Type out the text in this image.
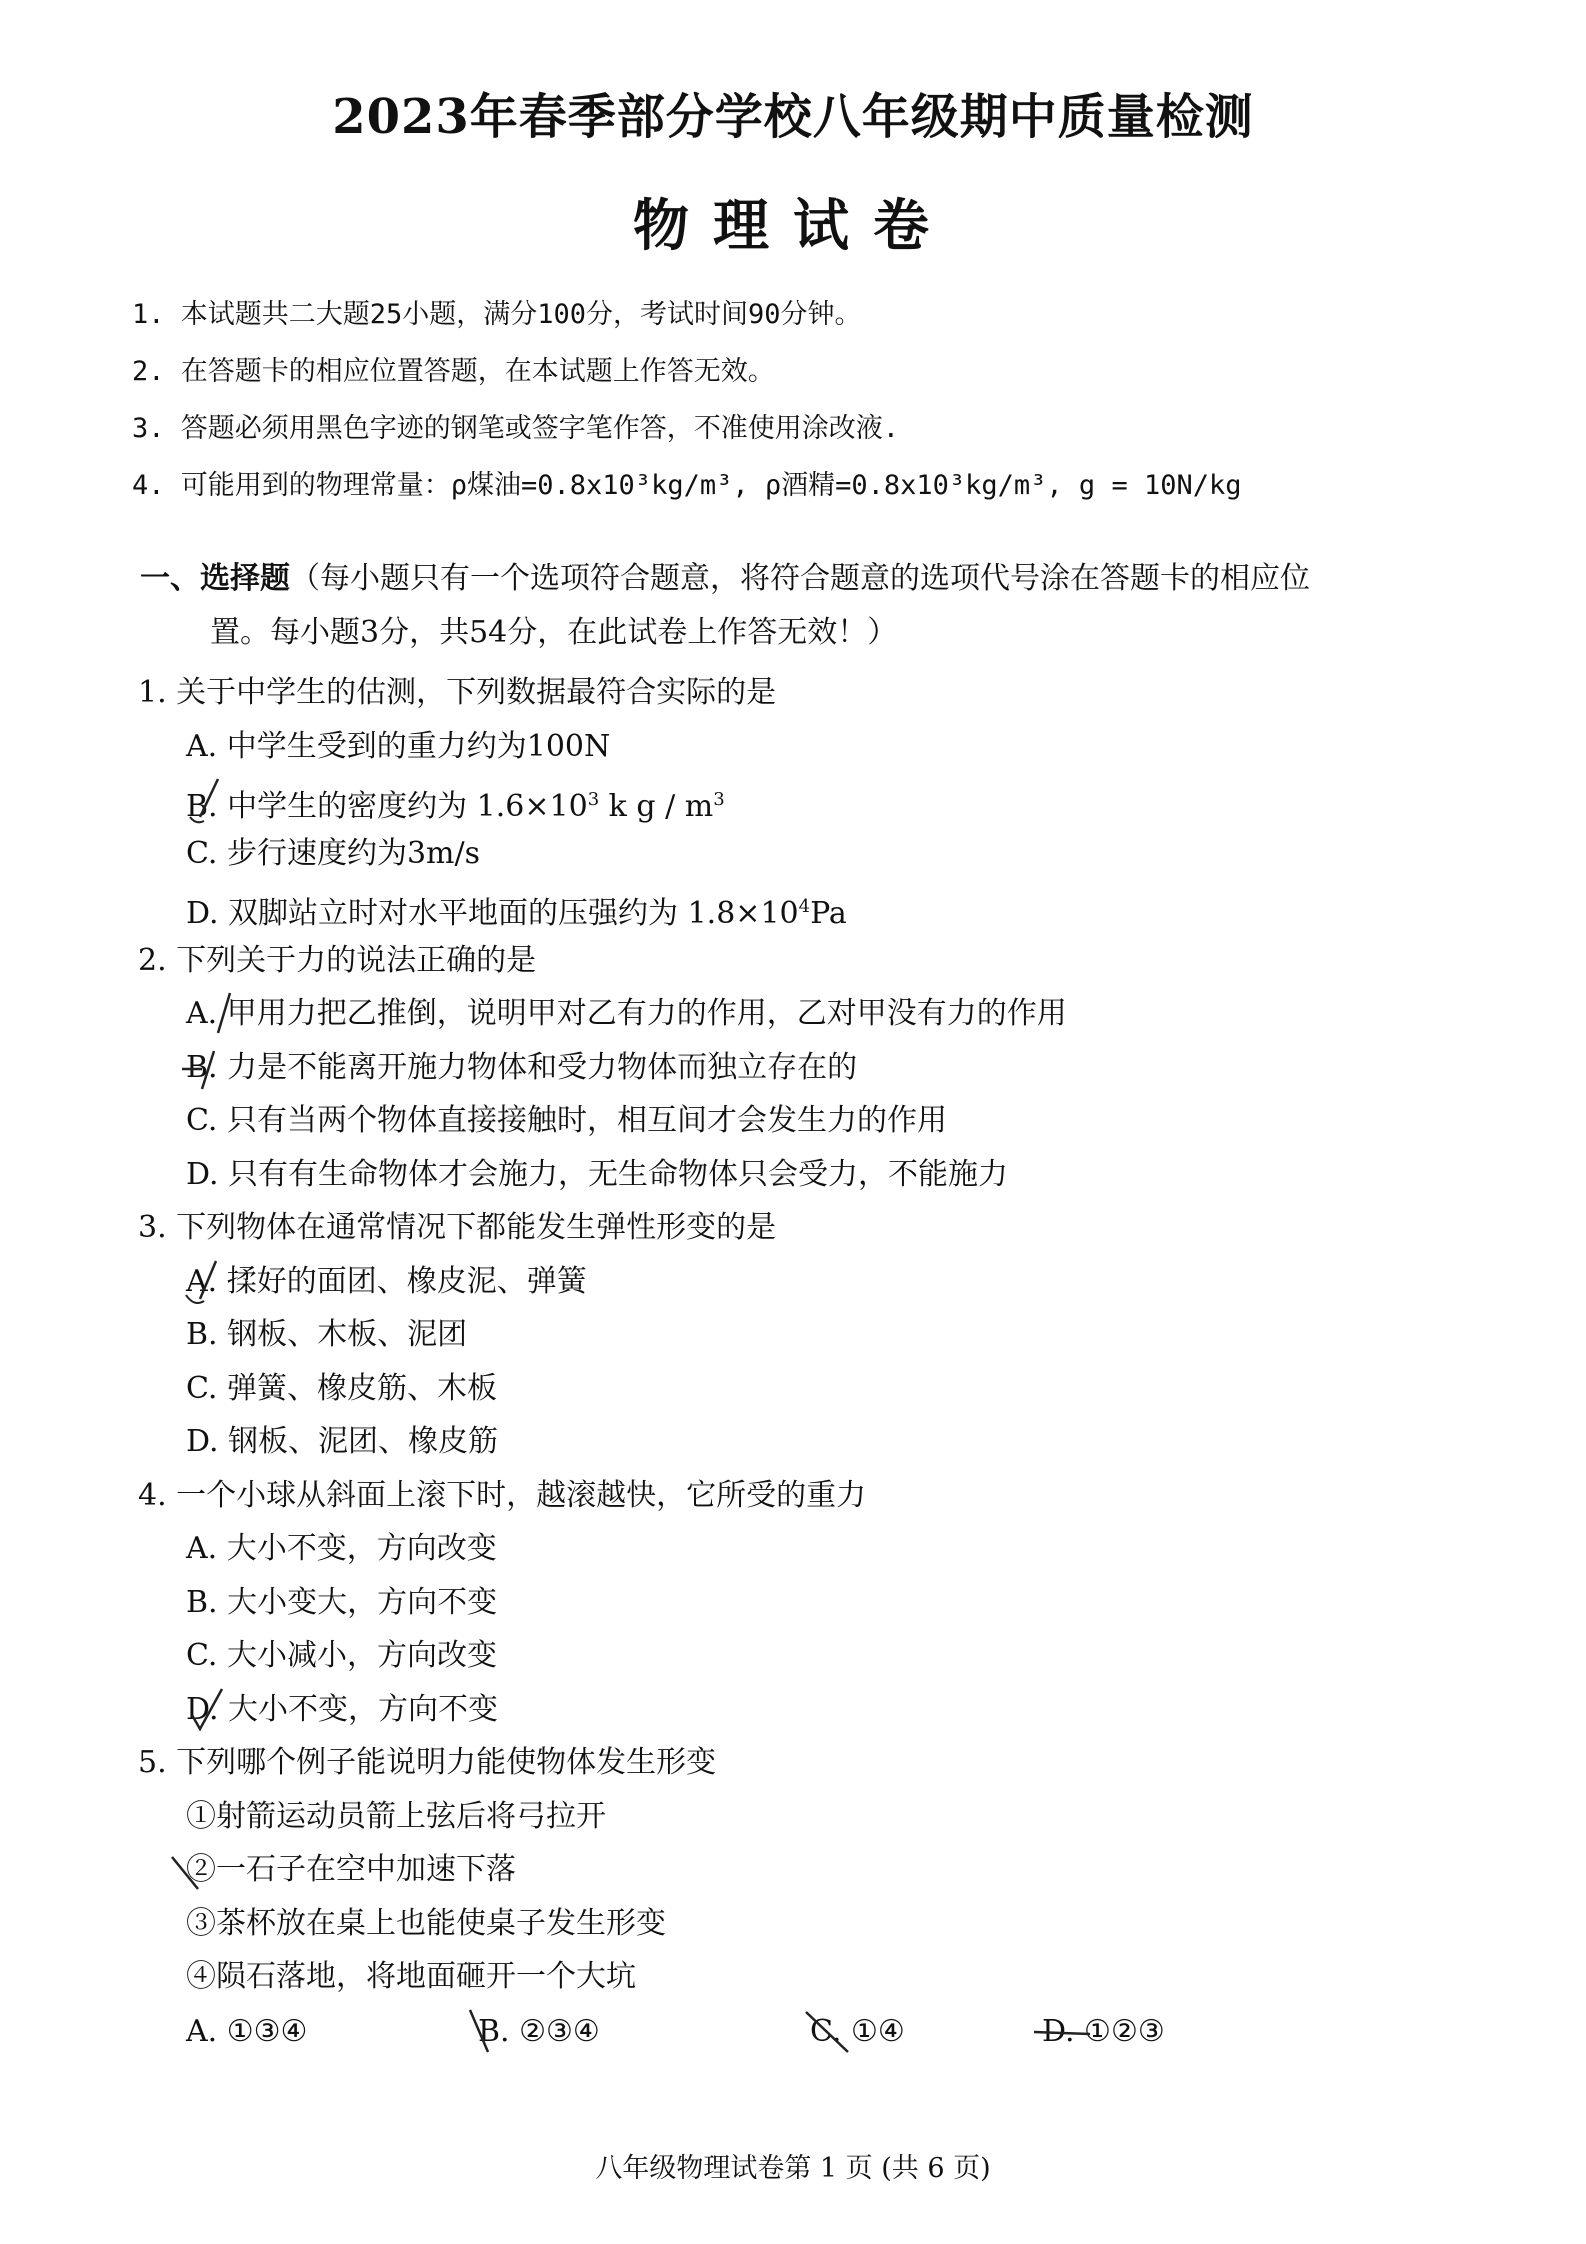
2023年春季部分学校八年级期中质量检测
物理试卷
1. 本试题共二大题25小题，满分100分，考试时间90分钟。
2. 在答题卡的相应位置答题，在本试题上作答无效。
3. 答题必须用黑色字迹的钢笔或签字笔作答，不准使用涂改液.
4. 可能用到的物理常量：ρ煤油=0.8x10³kg/m³, ρ酒精=0.8x10³kg/m³, g = 10N/kg
一、选择题（每小题只有一个选项符合题意，将符合题意的选项代号涂在答题卡的相应位
置。每小题3分，共54分，在此试卷上作答无效！）
1. 关于中学生的估测，下列数据最符合实际的是
A. 中学生受到的重力约为100N
B. 中学生的密度约为 $1.6\times 10^3$ k g / $m^3$
C. 步行速度约为3m/s
D. 双脚站立时对水平地面的压强约为 $1.8\times 10^4Pa$
2. 下列关于力的说法正确的是
A. 甲用力把乙推倒，说明甲对乙有力的作用，乙对甲没有力的作用
B. 力是不能离开施力物体和受力物体而独立存在的
C. 只有当两个物体直接接触时，相互间才会发生力的作用
D. 只有有生命物体才会施力，无生命物体只会受力，不能施力
3. 下列物体在通常情况下都能发生弹性形变的是
A. 揉好的面团、橡皮泥、弹簧
B. 钢板、木板、泥团
C. 弹簧、橡皮筋、木板
D. 钢板、泥团、橡皮筋
4. 一个小球从斜面上滚下时，越滚越快，它所受的重力
A. 大小不变，方向改变
B. 大小变大，方向不变
C. 大小减小，方向改变
D. 大小不变，方向不变
5. 下列哪个例子能说明力能使物体发生形变
①射箭运动员箭上弦后将弓拉开
②一石子在空中加速下落
③茶杯放在桌上也能使桌子发生形变
④陨石落地，将地面砸开一个大坑
A. ①③④	B. ②③④	C. ①④	D. ①②③
八年级物理试卷第 1 页 (共 6 页)
